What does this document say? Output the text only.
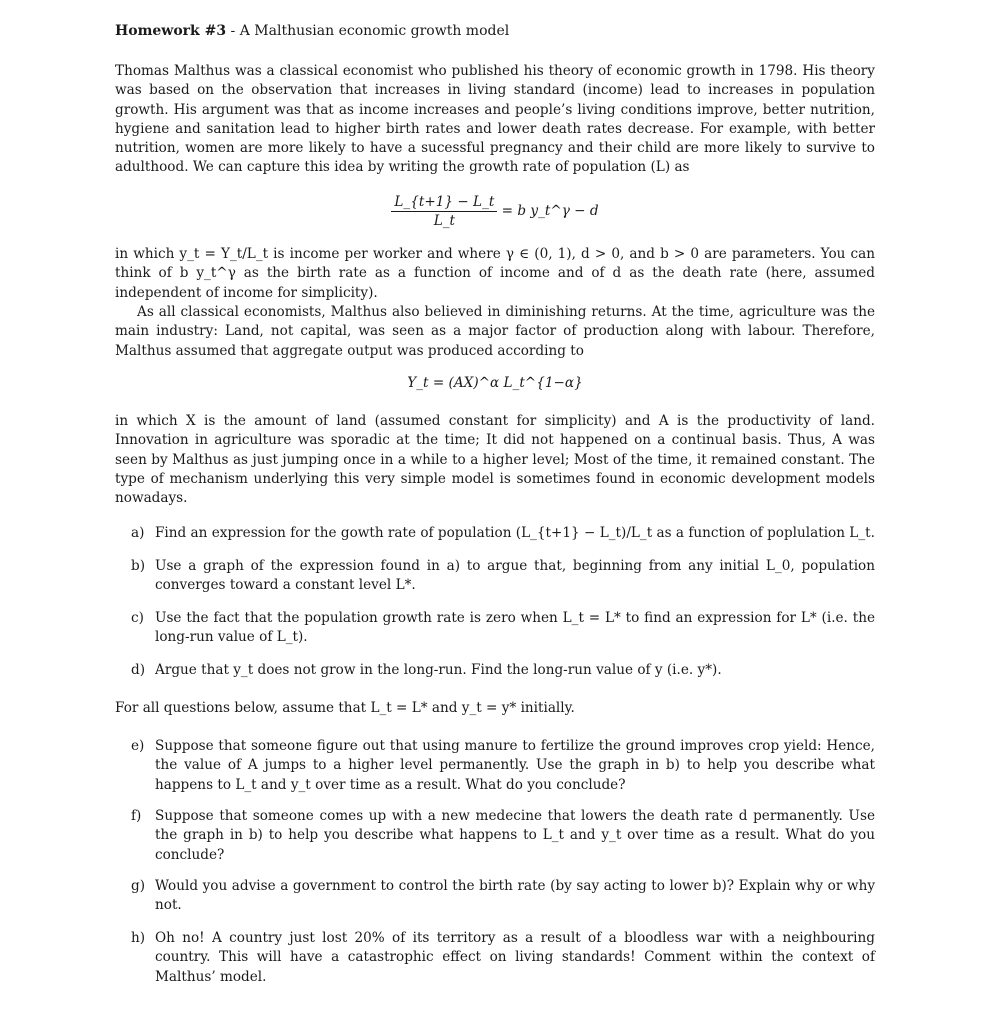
Homework #3 - A Malthusian economic growth model

Thomas Malthus was a classical economist who published his theory of economic growth in 1798. His theory was based on the observation that increases in living standard (income) lead to increases in population growth. His argument was that as income increases and people’s living conditions improve, better nutrition, hygiene and sanitation lead to higher birth rates and lower death rates decrease. For example, with better nutrition, women are more likely to have a sucessful pregnancy and their child are more likely to survive to adulthood. We can capture this idea by writing the growth rate of population (L) as

$\frac{L\_\{t+1\} - L\_t}{L\_t} = b$ y_t^γ − d

in which y_t = Y_t/L_t is income per worker and where γ ∈ (0, 1), d > 0, and b > 0 are parameters. You can think of b y_t^γ as the birth rate as a function of income and of d as the death rate (here, assumed independent of income for simplicity).

As all classical economists, Malthus also believed in diminishing returns. At the time, agriculture was the main industry: Land, not capital, was seen as a major factor of production along with labour. Therefore, Malthus assumed that aggregate output was produced according to

Y_t = (AX)^α L_t^{1−α}

in which X is the amount of land (assumed constant for simplicity) and A is the productivity of land. Innovation in agriculture was sporadic at the time; It did not happened on a continual basis. Thus, A was seen by Malthus as just jumping once in a while to a higher level; Most of the time, it remained constant. The type of mechanism underlying this very simple model is sometimes found in economic development models nowadays.

a) Find an expression for the gowth rate of population (L_{t+1} − L_t)/L_t as a function of poplulation L_t.
b) Use a graph of the expression found in a) to argue that, beginning from any initial L_0, population converges toward a constant level L*.
c) Use the fact that the population growth rate is zero when L_t = L* to find an expression for L* (i.e. the long-run value of L_t).
d) Argue that y_t does not grow in the long-run. Find the long-run value of y (i.e. y*).

For all questions below, assume that L_t = L* and y_t = y* initially.

e) Suppose that someone figure out that using manure to fertilize the ground improves crop yield: Hence, the value of A jumps to a higher level permanently. Use the graph in b) to help you describe what happens to L_t and y_t over time as a result. What do you conclude?
f)	Suppose that someone comes up with a new medecine that lowers the death rate d permanently. Use the graph in b) to help you describe what happens to L_t and y_t over time as a result. What do you conclude?
g) Would you advise a government to control the birth rate (by say acting to lower b)? Explain why or why not.
h) Oh no! A country just lost 20% of its territory as a result of a bloodless war with a neighbouring country. This will have a catastrophic effect on living standards! Comment within the context of Malthus’ model.
